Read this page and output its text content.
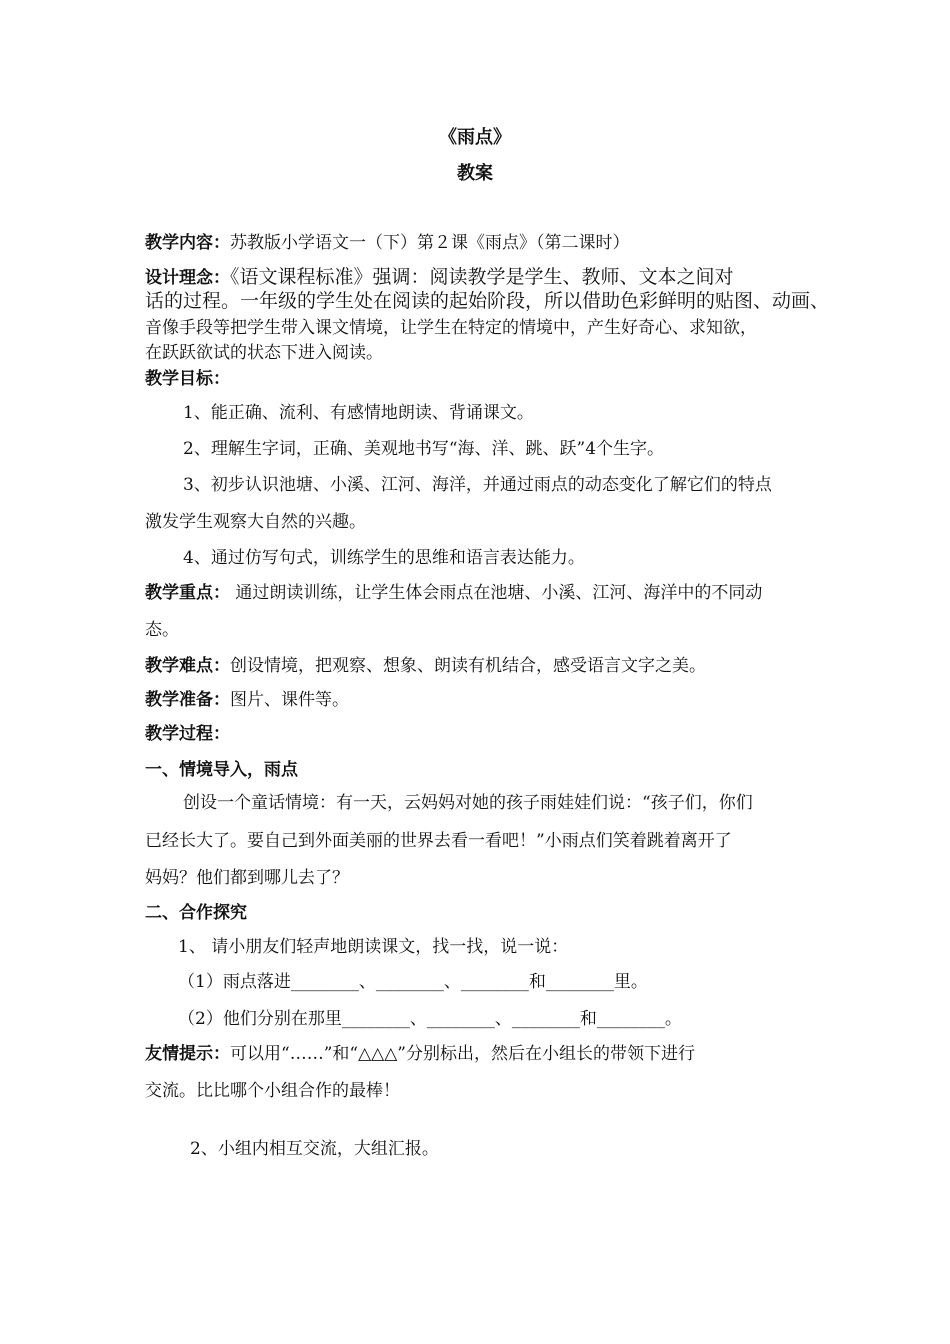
《雨点》
教案
教学内容：苏教版小学语文一（下）第２课《雨点》（第二课时）
设计理念：《语文课程标准》强调：阅读教学是学生、教师、文本之间对
话的过程。一年级的学生处在阅读的起始阶段，所以借助色彩鲜明的贴图、动画、
音像手段等把学生带入课文情境，让学生在特定的情境中，产生好奇心、求知欲，
在跃跃欲试的状态下进入阅读。
教学目标：
1、能正确、流利、有感情地朗读、背诵课文。
2、理解生字词，正确、美观地书写“海、洋、跳、跃”4个生字。
3、初步认识池塘、小溪、江河、海洋，并通过雨点的动态变化了解它们的特点
激发学生观察大自然的兴趣。
4、通过仿写句式，训练学生的思维和语言表达能力。
教学重点： 通过朗读训练，让学生体会雨点在池塘、小溪、江河、海洋中的不同动
态。
教学难点：创设情境，把观察、想象、朗读有机结合，感受语言文字之美。
教学准备：图片、课件等。
教学过程：
一、情境导入，雨点
创设一个童话情境：有一天，云妈妈对她的孩子雨娃娃们说：“孩子们，你们
已经长大了。要自己到外面美丽的世界去看一看吧！”小雨点们笑着跳着离开了
妈妈？他们都到哪儿去了？
二、合作探究
1、 请小朋友们轻声地朗读课文，找一找，说一说：
（1）雨点落进________、________、________和________里。
（2）他们分别在那里________、________、________和________。
友情提示：可以用“……”和“△△△”分别标出，然后在小组长的带领下进行
交流。比比哪个小组合作的最棒！
2、小组内相互交流，大组汇报。
